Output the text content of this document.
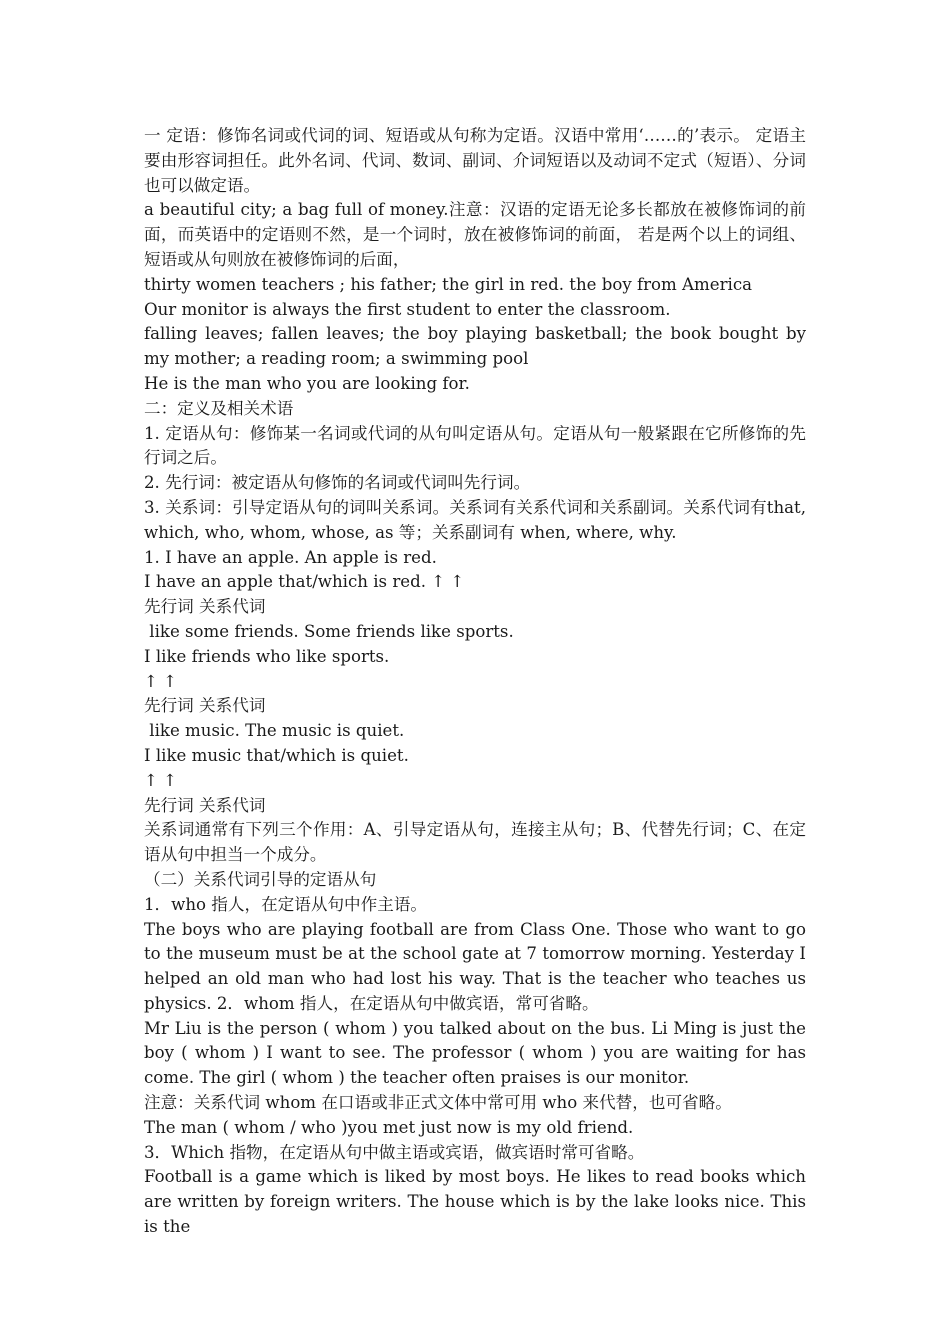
一 定语：修饰名词或代词的词、短语或从句称为定语。汉语中常用‘……的’表示。 定语主要由形容词担任。此外名词、代词、数词、副词、介词短语以及动词不定式（短语）、分词也可以做定语。

a beautiful city; a bag full of money.注意：汉语的定语无论多长都放在被修饰词的前面，而英语中的定语则不然，是一个词时，放在被修饰词的前面， 若是两个以上的词组、短语或从句则放在被修饰词的后面，

thirty women teachers ; his father; the girl in red. the boy from America

Our monitor is always the first student to enter the classroom.

falling leaves; fallen leaves; the boy playing basketball; the book bought by my mother; a reading room; a swimming pool

He is the man who you are looking for.

二：定义及相关术语

1. 定语从句：修饰某一名词或代词的从句叫定语从句。定语从句一般紧跟在它所修饰的先行词之后。

2. 先行词：被定语从句修饰的名词或代词叫先行词。

3. 关系词：引导定语从句的词叫关系词。关系词有关系代词和关系副词。关系代词有that, which, who, whom, whose, as 等；关系副词有 when, where, why.

1. I have an apple. An apple is red.

I have an apple that/which is red. ↑ ↑

先行词 关系代词

like some friends. Some friends like sports.

I like friends who like sports.

↑ ↑

先行词 关系代词

like music. The music is quiet.

I like music that/which is quiet.

↑ ↑

先行词 关系代词

关系词通常有下列三个作用：A、引导定语从句，连接主从句；B、代替先行词；C、在定语从句中担当一个成分。

（二）关系代词引导的定语从句

1．who 指人，在定语从句中作主语。

The boys who are playing football are from Class One. Those who want to go to the museum must be at the school gate at 7 tomorrow morning. Yesterday I helped an old man who had lost his way. That is the teacher who teaches us physics. 2．whom 指人，在定语从句中做宾语，常可省略。

Mr Liu is the person ( whom ) you talked about on the bus. Li Ming is just the boy ( whom ) I want to see. The professor ( whom ) you are waiting for has come. The girl ( whom ) the teacher often praises is our monitor.

注意：关系代词 whom 在口语或非正式文体中常可用 who 来代替，也可省略。

The man ( whom / who )you met just now is my old friend.

3．Which 指物，在定语从句中做主语或宾语，做宾语时常可省略。

Football is a game which is liked by most boys. He likes to read books which are written by foreign writers. The house which is by the lake looks nice. This is the
